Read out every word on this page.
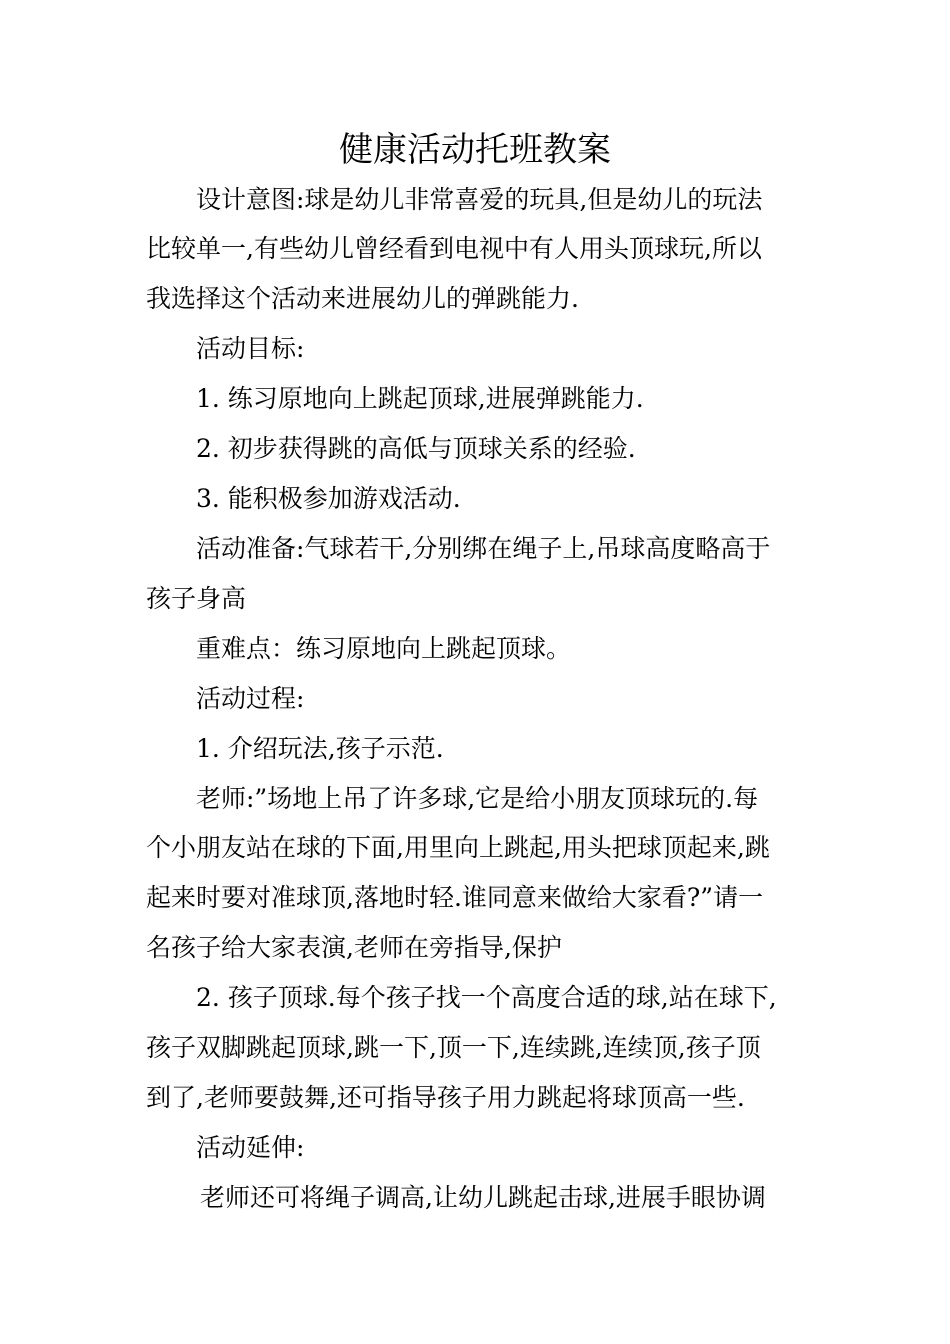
健康活动托班教案

设计意图:球是幼儿非常喜爱的玩具,但是幼儿的玩法

比较单一,有些幼儿曾经看到电视中有人用头顶球玩,所以

我选择这个活动来进展幼儿的弹跳能力.

活动目标:

1. 练习原地向上跳起顶球,进展弹跳能力.

2. 初步获得跳的高低与顶球关系的经验.

3. 能积极参加游戏活动.

活动准备:气球若干,分别绑在绳子上,吊球高度略高于

孩子身高

重难点：练习原地向上跳起顶球。

活动过程:

1. 介绍玩法,孩子示范.

老师:”场地上吊了许多球,它是给小朋友顶球玩的.每

个小朋友站在球的下面,用里向上跳起,用头把球顶起来,跳

起来时要对准球顶,落地时轻.谁同意来做给大家看?”请一

名孩子给大家表演,老师在旁指导,保护

2. 孩子顶球.每个孩子找一个高度合适的球,站在球下,

孩子双脚跳起顶球,跳一下,顶一下,连续跳,连续顶,孩子顶

到了,老师要鼓舞,还可指导孩子用力跳起将球顶高一些.

活动延伸:

老师还可将绳子调高,让幼儿跳起击球,进展手眼协调
